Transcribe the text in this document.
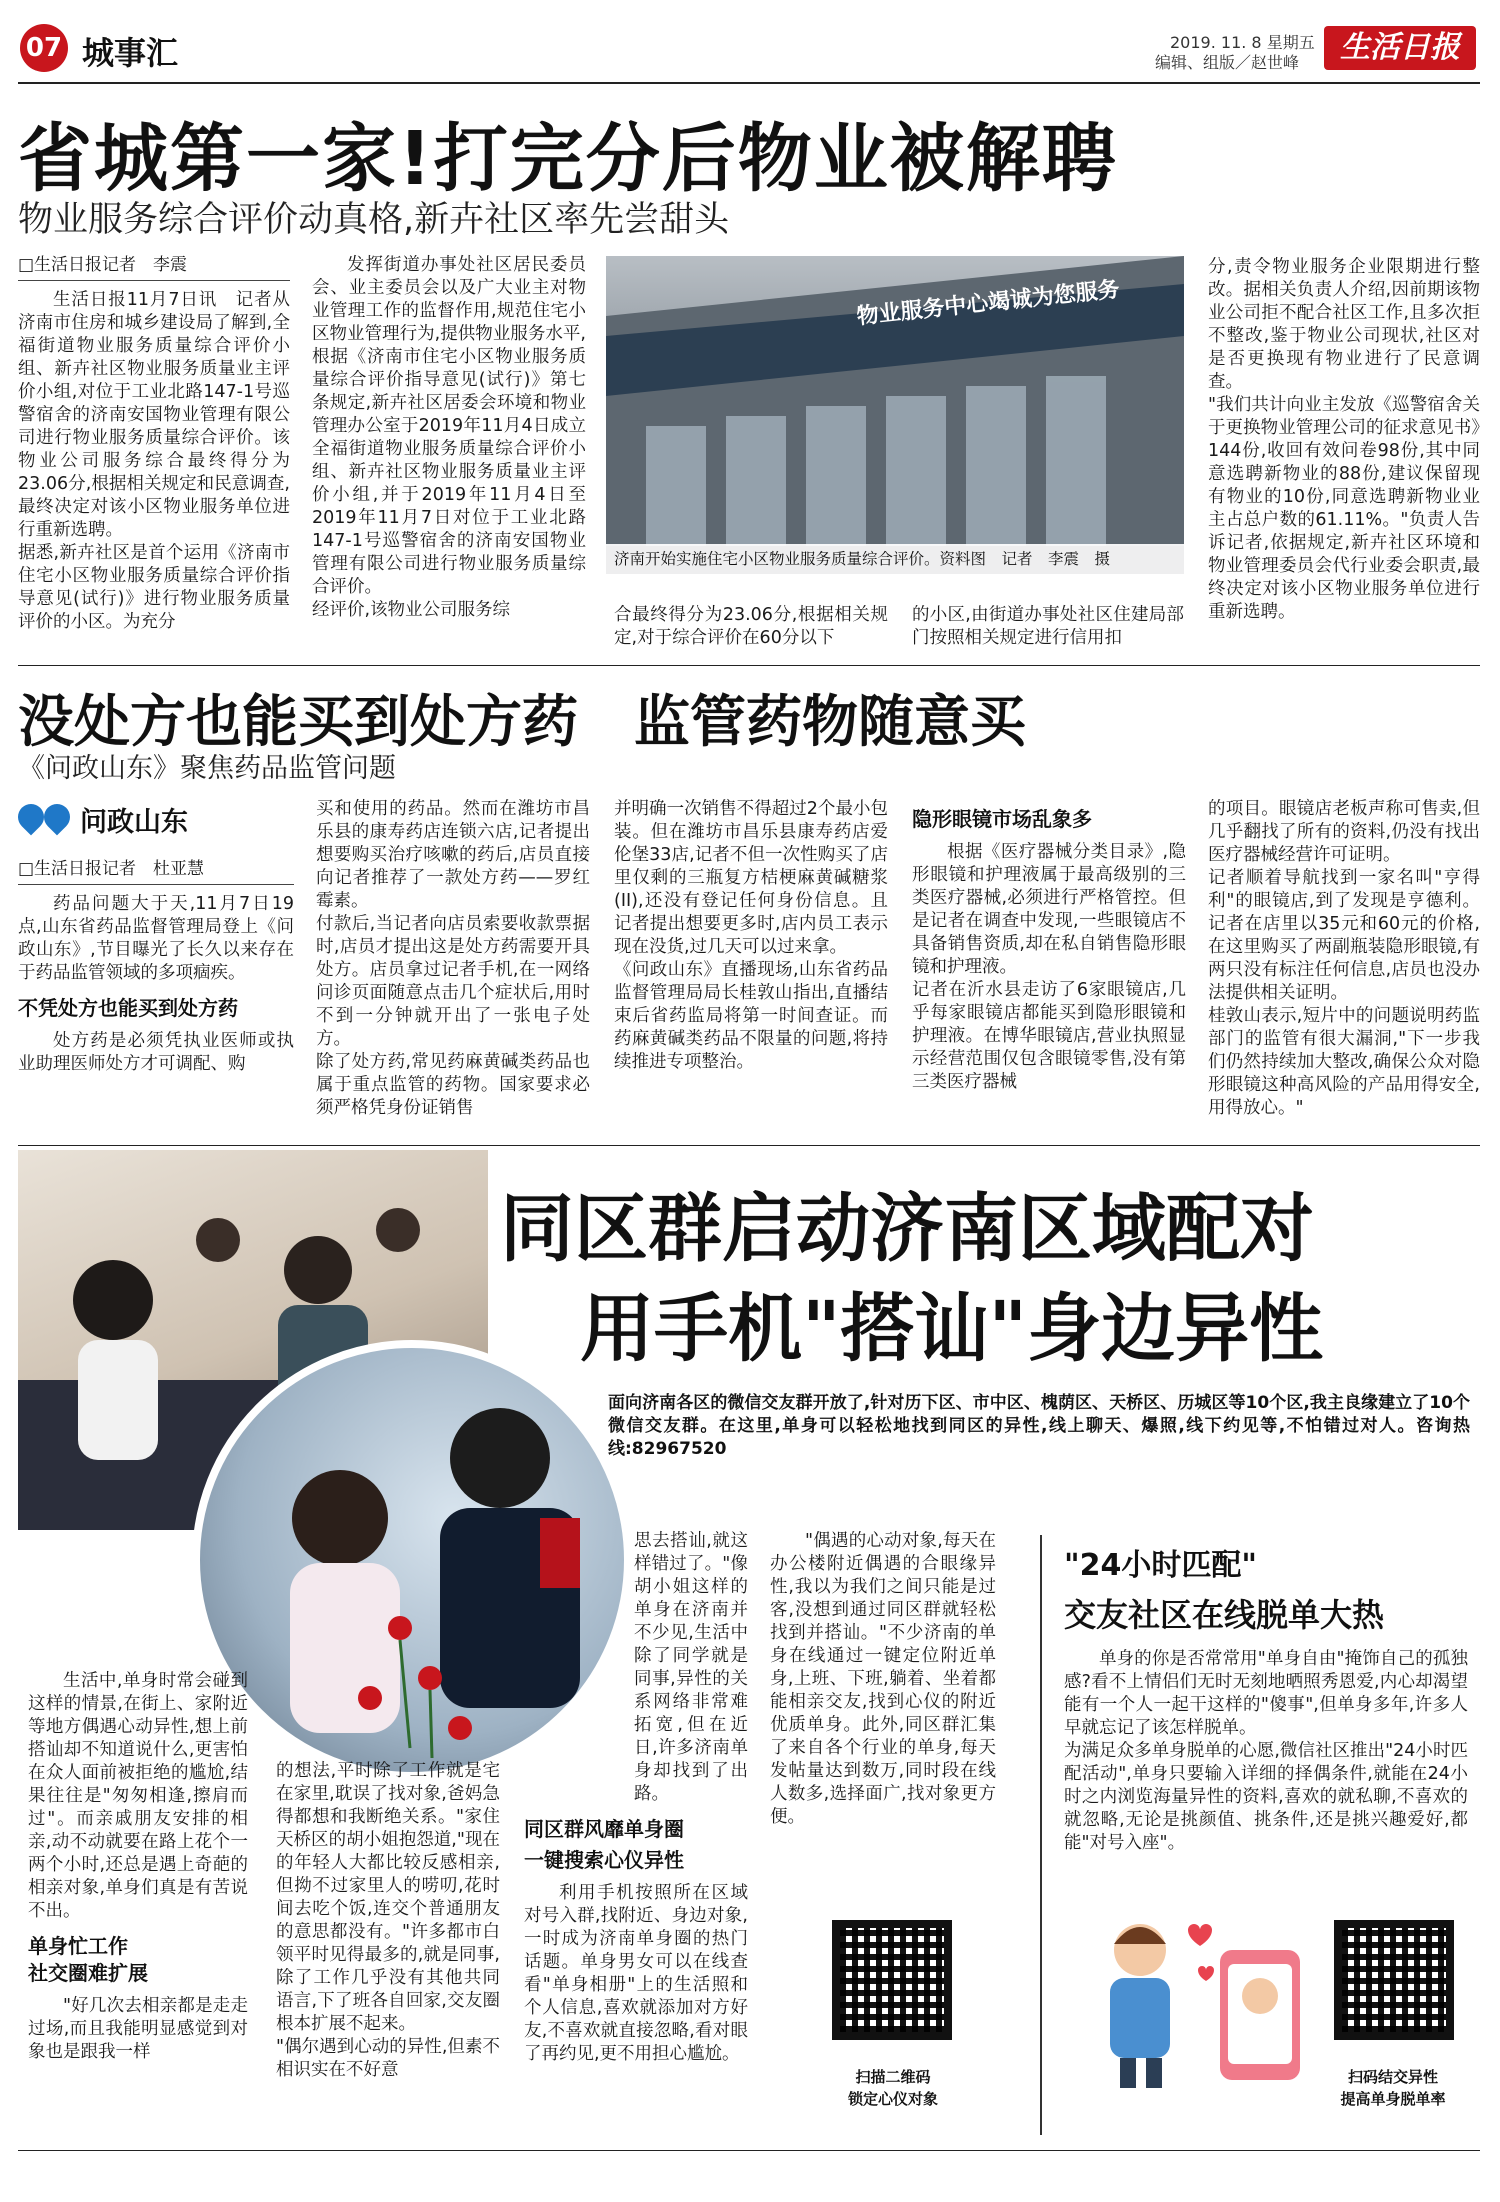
07 城事汇	2019. 11. 8 星期五
编辑、组版／赵世峰	生活日报
省城第一家!打完分后物业被解聘
物业服务综合评价动真格,新卉社区率先尝甜头
□生活日报记者　李震

生活日报11月7日讯　记者从济南市住房和城乡建设局了解到,全福街道物业服务质量综合评价小组、新卉社区物业服务质量业主评价小组,对位于工业北路147-1号巡警宿舍的济南安国物业管理有限公司进行物业服务质量综合评价。该物业公司服务综合最终得分为23.06分,根据相关规定和民意调查,最终决定对该小区物业服务单位进行重新选聘。
据悉,新卉社区是首个运用《济南市住宅小区物业服务质量综合评价指导意见(试行)》进行物业服务质量评价的小区。为充分

发挥街道办事处社区居民委员会、业主委员会以及广大业主对物业管理工作的监督作用,规范住宅小区物业管理行为,提供物业服务水平,根据《济南市住宅小区物业服务质量综合评价指导意见(试行)》第七条规定,新卉社区居委会环境和物业管理办公室于2019年11月4日成立全福街道物业服务质量综合评价小组、新卉社区物业服务质量业主评价小组,并于2019年11月4日至2019年11月7日对位于工业北路147-1号巡警宿舍的济南安国物业管理有限公司进行物业服务质量综合评价。
经评价,该物业公司服务综

物业服务中心竭诚为您服务
济南开始实施住宅小区物业服务质量综合评价。资料图　记者　李震　摄

合最终得分为23.06分,根据相关规定,对于综合评价在60分以下

的小区,由街道办事处社区住建局部门按照相关规定进行信用扣

分,责令物业服务企业限期进行整改。据相关负责人介绍,因前期该物业公司拒不配合社区工作,且多次拒不整改,鉴于物业公司现状,社区对是否更换现有物业进行了民意调查。
"我们共计向业主发放《巡警宿舍关于更换物业管理公司的征求意见书》144份,收回有效问卷98份,其中同意选聘新物业的88份,建议保留现有物业的10份,同意选聘新物业业主占总户数的61.11%。"负责人告诉记者,依据规定,新卉社区环境和物业管理委员会代行业委会职责,最终决定对该小区物业服务单位进行重新选聘。

没处方也能买到处方药　监管药物随意买
《问政山东》聚焦药品监管问题
问政山东
□生活日报记者　杜亚慧

药品问题大于天,11月7日19点,山东省药品监督管理局登上《问政山东》,节目曝光了长久以来存在于药品监管领域的多项痼疾。

不凭处方也能买到处方药

处方药是必须凭执业医师或执业助理医师处方才可调配、购

买和使用的药品。然而在潍坊市昌乐县的康寿药店连锁六店,记者提出想要购买治疗咳嗽的药后,店员直接向记者推荐了一款处方药——罗红霉素。
付款后,当记者向店员索要收款票据时,店员才提出这是处方药需要开具处方。店员拿过记者手机,在一网络问诊页面随意点击几个症状后,用时不到一分钟就开出了一张电子处方。
除了处方药,常见药麻黄碱类药品也属于重点监管的药物。国家要求必须严格凭身份证销售

并明确一次销售不得超过2个最小包装。但在潍坊市昌乐县康寿药店爱伦堡33店,记者不但一次性购买了店里仅剩的三瓶复方桔梗麻黄碱糖浆(II),还没有登记任何身份信息。且记者提出想要更多时,店内员工表示现在没货,过几天可以过来拿。
《问政山东》直播现场,山东省药品监督管理局局长桂敦山指出,直播结束后省药监局将第一时间查证。而药麻黄碱类药品不限量的问题,将持续推进专项整治。

隐形眼镜市场乱象多

根据《医疗器械分类目录》,隐形眼镜和护理液属于最高级别的三类医疗器械,必须进行严格管控。但是记者在调查中发现,一些眼镜店不具备销售资质,却在私自销售隐形眼镜和护理液。
记者在沂水县走访了6家眼镜店,几乎每家眼镜店都能买到隐形眼镜和护理液。在博华眼镜店,营业执照显示经营范围仅包含眼镜零售,没有第三类医疗器械

的项目。眼镜店老板声称可售卖,但几乎翻找了所有的资料,仍没有找出医疗器械经营许可证明。
记者顺着导航找到一家名叫"亨得利"的眼镜店,到了发现是亨德利。记者在店里以35元和60元的价格,在这里购买了两副瓶装隐形眼镜,有两只没有标注任何信息,店员也没办法提供相关证明。
桂敦山表示,短片中的问题说明药监部门的监管有很大漏洞,"下一步我们仍然持续加大整改,确保公众对隐形眼镜这种高风险的产品用得安全,用得放心。"

同区群启动济南区域配对
用手机"搭讪"身边异性
面向济南各区的微信交友群开放了,针对历下区、市中区、槐荫区、天桥区、历城区等10个区,我主良缘建立了10个微信交友群。在这里,单身可以轻松地找到同区的异性,线上聊天、爆照,线下约见等,不怕错过对人。咨询热线:82967520

生活中,单身时常会碰到这样的情景,在街上、家附近等地方偶遇心动异性,想上前搭讪却不知道说什么,更害怕在众人面前被拒绝的尴尬,结果往往是"匆匆相逢,擦肩而过"。而亲戚朋友安排的相亲,动不动就要在路上花个一两个小时,还总是遇上奇葩的相亲对象,单身们真是有苦说不出。

单身忙工作
社交圈难扩展

"好几次去相亲都是走走过场,而且我能明显感觉到对象也是跟我一样

的想法,平时除了工作就是宅在家里,耽误了找对象,爸妈急得都想和我断绝关系。"家住天桥区的胡小姐抱怨道,"现在的年轻人大都比较反感相亲,但拗不过家里人的唠叨,花时间去吃个饭,连交个普通朋友的意思都没有。"许多都市白领平时见得最多的,就是同事,除了工作几乎没有其他共同语言,下了班各自回家,交友圈根本扩展不起来。
"偶尔遇到心动的异性,但素不相识实在不好意

思去搭讪,就这样错过了。"像胡小姐这样的单身在济南并不少见,生活中除了同学就是同事,异性的关系网络非常难拓宽,但在近日,许多济南单身却找到了出路。

同区群风靡单身圈
一键搜索心仪异性

利用手机按照所在区域对号入群,找附近、身边对象,一时成为济南单身圈的热门话题。单身男女可以在线查看"单身相册"上的生活照和个人信息,喜欢就添加对方好友,不喜欢就直接忽略,看对眼了再约见,更不用担心尴尬。

"偶遇的心动对象,每天在办公楼附近偶遇的合眼缘异性,我以为我们之间只能是过客,没想到通过同区群就轻松找到并搭讪。"不少济南的单身在线通过一键定位附近单身,上班、下班,躺着、坐着都能相亲交友,找到心仪的附近优质单身。此外,同区群汇集了来自各个行业的单身,每天发帖量达到数万,同时段在线人数多,选择面广,找对象更方便。

扫描二维码
锁定心仪对象
"24小时匹配"
交友社区在线脱单大热

单身的你是否常常用"单身自由"掩饰自己的孤独感?看不上情侣们无时无刻地晒照秀恩爱,内心却渴望能有一个人一起干这样的"傻事",但单身多年,许多人早就忘记了该怎样脱单。
为满足众多单身脱单的心愿,微信社区推出"24小时匹配活动",单身只要输入详细的择偶条件,就能在24小时之内浏览海量异性的资料,喜欢的就私聊,不喜欢的就忽略,无论是挑颜值、挑条件,还是挑兴趣爱好,都能"对号入座"。

扫码结交异性
提高单身脱单率
